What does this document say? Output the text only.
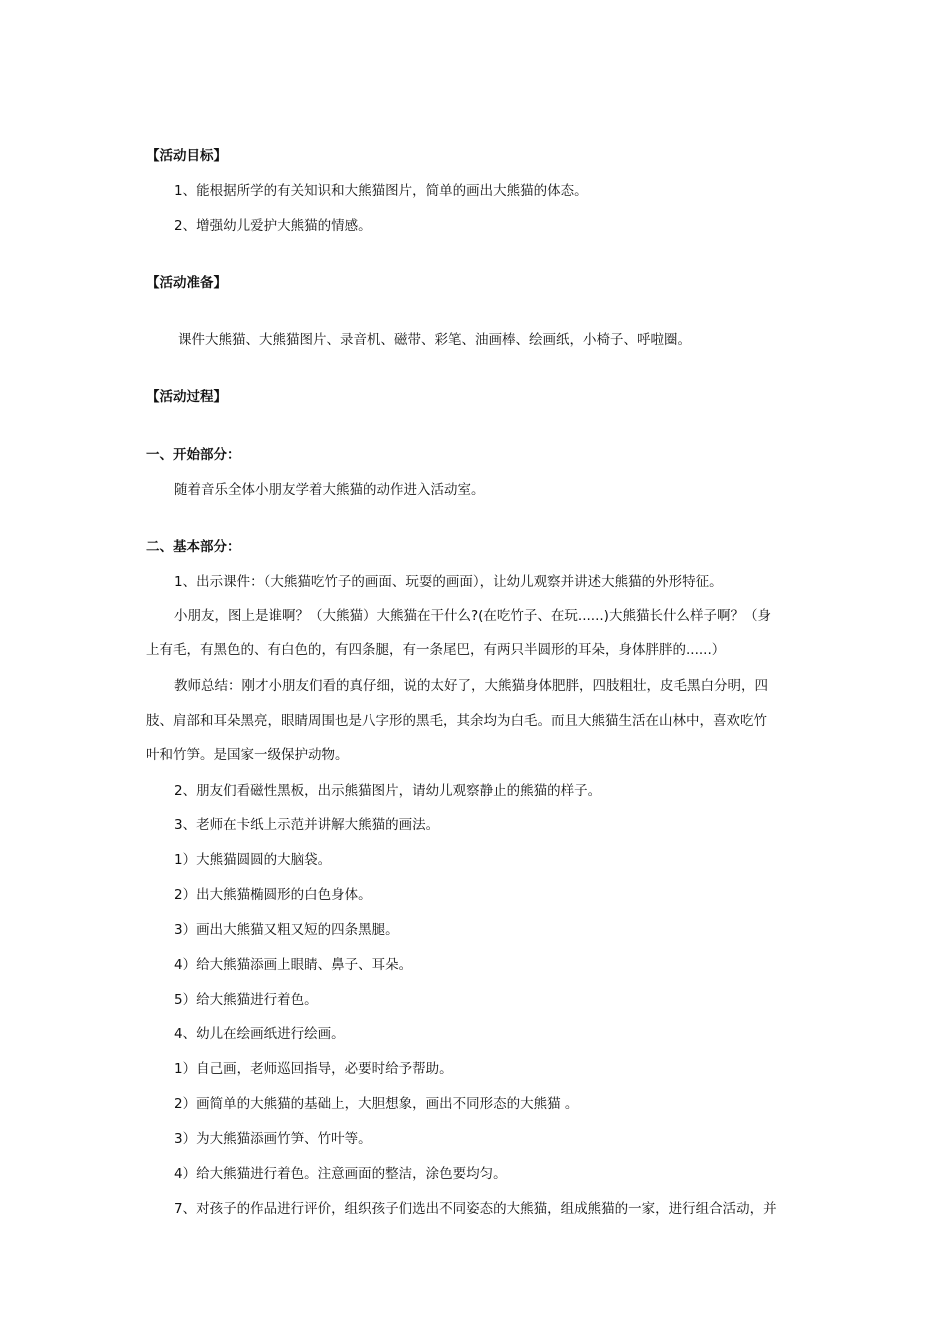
【活动目标】
1、能根据所学的有关知识和大熊猫图片，简单的画出大熊猫的体态。
2、增强幼儿爱护大熊猫的情感。
【活动准备】
课件大熊猫、大熊猫图片、录音机、磁带、彩笔、油画棒、绘画纸，小椅子、呼啦圈。
【活动过程】
一、开始部分：
随着音乐全体小朋友学着大熊猫的动作进入活动室。
二、基本部分：
1、出示课件：（大熊猫吃竹子的画面、玩耍的画面），让幼儿观察并讲述大熊猫的外形特征。
小朋友，图上是谁啊？（大熊猫）大熊猫在干什么?(在吃竹子、在玩......)大熊猫长什么样子啊？（身
上有毛，有黑色的、有白色的，有四条腿，有一条尾巴，有两只半圆形的耳朵，身体胖胖的......）
教师总结：刚才小朋友们看的真仔细，说的太好了，大熊猫身体肥胖，四肢粗壮，皮毛黑白分明，四
肢、肩部和耳朵黑亮，眼睛周围也是八字形的黑毛，其余均为白毛。而且大熊猫生活在山林中，喜欢吃竹
叶和竹笋。是国家一级保护动物。
2、朋友们看磁性黑板，出示熊猫图片，请幼儿观察静止的熊猫的样子。
3、老师在卡纸上示范并讲解大熊猫的画法。
1）大熊猫圆圆的大脑袋。
2）出大熊猫椭圆形的白色身体。
3）画出大熊猫又粗又短的四条黑腿。
4）给大熊猫添画上眼睛、鼻子、耳朵。
5）给大熊猫进行着色。
4、幼儿在绘画纸进行绘画。
1）自己画，老师巡回指导，必要时给予帮助。
2）画简单的大熊猫的基础上，大胆想象，画出不同形态的大熊猫 。
3）为大熊猫添画竹笋、竹叶等。
4）给大熊猫进行着色。注意画面的整洁，涂色要均匀。
7、对孩子的作品进行评价，组织孩子们选出不同姿态的大熊猫，组成熊猫的一家，进行组合活动，并
